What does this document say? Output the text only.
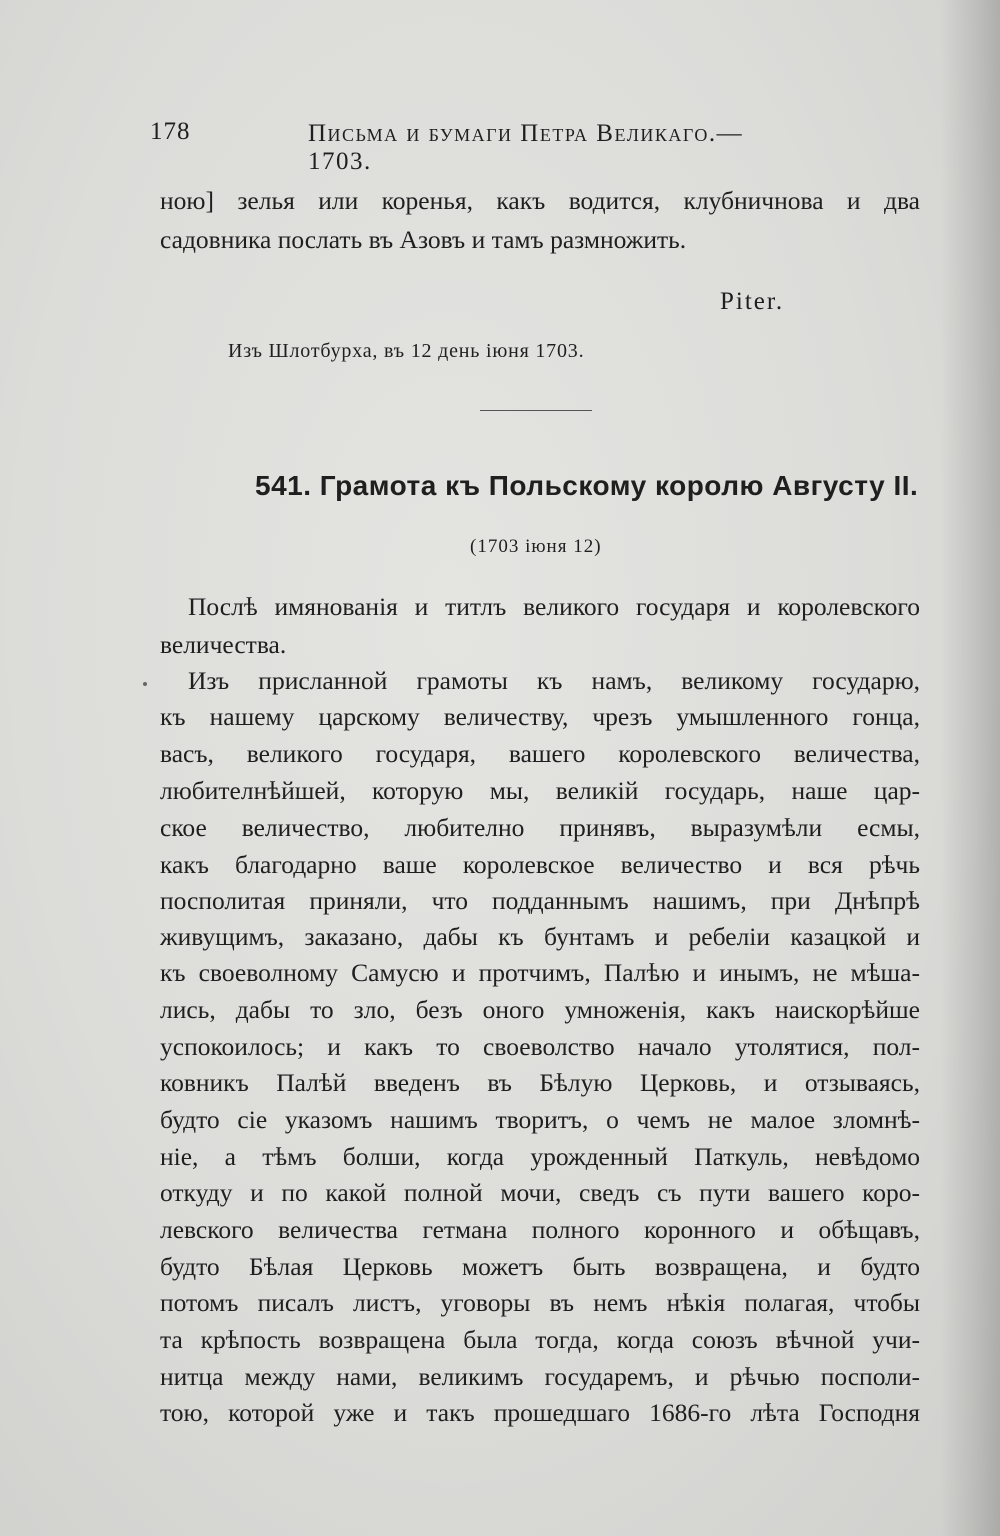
178	Письма и бумаги Петра Великаго.—1703.
ною] зелья или коренья, какъ водится, клубничнова и два
садовника послать въ Азовъ и тамъ размножить.
Piter.
Изъ Шлотбурха, въ 12 день iюня 1703.
541. Грамота къ Польскому королю Августу II.
(1703 iюня 12)
Послѣ имянованiя и титлъ великого государя и королевского
величества.
Изъ присланной грамоты къ намъ, великому государю,
къ нашему царскому величеству, чрезъ умышленного гонца,
васъ, великого государя, вашего королевского величества,
любителнѣйшей, которую мы, великiй государь, наше цар-
ское величество, любително принявъ, выразумѣли есмы,
какъ благодарно ваше королевское величество и вся рѣчь
посполитая приняли, что подданнымъ нашимъ, при Днѣпрѣ
живущимъ, заказано, дабы къ бунтамъ и ребелiи казацкой и
къ своеволному Самусю и протчимъ, Палѣю и инымъ, не мѣша-
лись, дабы то зло, безъ оного умноженiя, какъ наискорѣйше
успокоилось; и какъ то своеволство начало утолятися, пол-
ковникъ Палѣй введенъ въ Бѣлую Церковь, и отзываясь,
будто сiе указомъ нашимъ творитъ, о чемъ не малое зломнѣ-
нiе, а тѣмъ болши, когда урожденный Паткуль, невѣдомо
откуду и по какой полной мочи, сведъ съ пути вашего коро-
левского величества гетмана полного коронного и обѣщавъ,
будто Бѣлая Церковь можетъ быть возвращена, и будто
потомъ писалъ листъ, уговоры въ немъ нѣкiя полагая, чтобы
та крѣпость возвращена была тогда, когда союзъ вѣчной учи-
нитца между нами, великимъ государемъ, и рѣчью посполи-
тою, которой уже и такъ прошедшаго 1686-го лѣта Господня
